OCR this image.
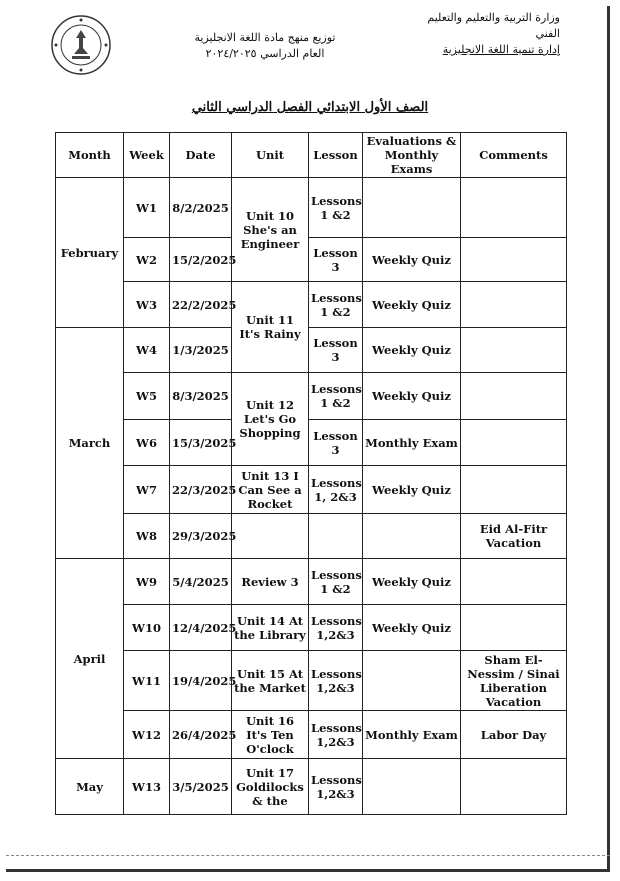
وزارة التربية والتعليم والتعليم الفني
إدارة تنمية اللغة الانجليزية
توزيع منهج مادة اللغة الانجليزية
العام الدراسي ٢٠٢٤/٢٠٢٥
الصف الأول الابتدائي الفصل الدراسي الثاني
Month	Week	Date	Unit	Lesson	Evaluations & Monthly Exams	Comments
February	W1	8/2/2025	Unit 10 She's an Engineer	Lessons 1 &2		
	W2	15/2/2025		Lesson 3	Weekly Quiz	
	W3	22/2/2025	Unit 11 It's Rainy	Lessons 1 &2	Weekly Quiz	
March	W4	1/3/2025		Lesson 3	Weekly Quiz	
	W5	8/3/2025	Unit 12 Let's Go Shopping	Lessons 1 &2	Weekly Quiz	
	W6	15/3/2025		Lesson 3	Monthly Exam	
	W7	22/3/2025	Unit 13 I Can See a Rocket	Lessons 1, 2&3	Weekly Quiz	
	W8	29/3/2025				Eid Al-Fitr Vacation
April	W9	5/4/2025	Review 3	Lessons 1 &2	Weekly Quiz	
	W10	12/4/2025	Unit 14 At the Library	Lessons 1,2&3	Weekly Quiz	
	W11	19/4/2025	Unit 15 At the Market	Lessons 1,2&3		Sham El-Nessim / Sinai Liberation Vacation
	W12	26/4/2025	Unit 16 It's Ten O'clock	Lessons 1,2&3	Monthly Exam	Labor Day
May	W13	3/5/2025	Unit 17 Goldilocks & the	Lessons 1,2&3		
